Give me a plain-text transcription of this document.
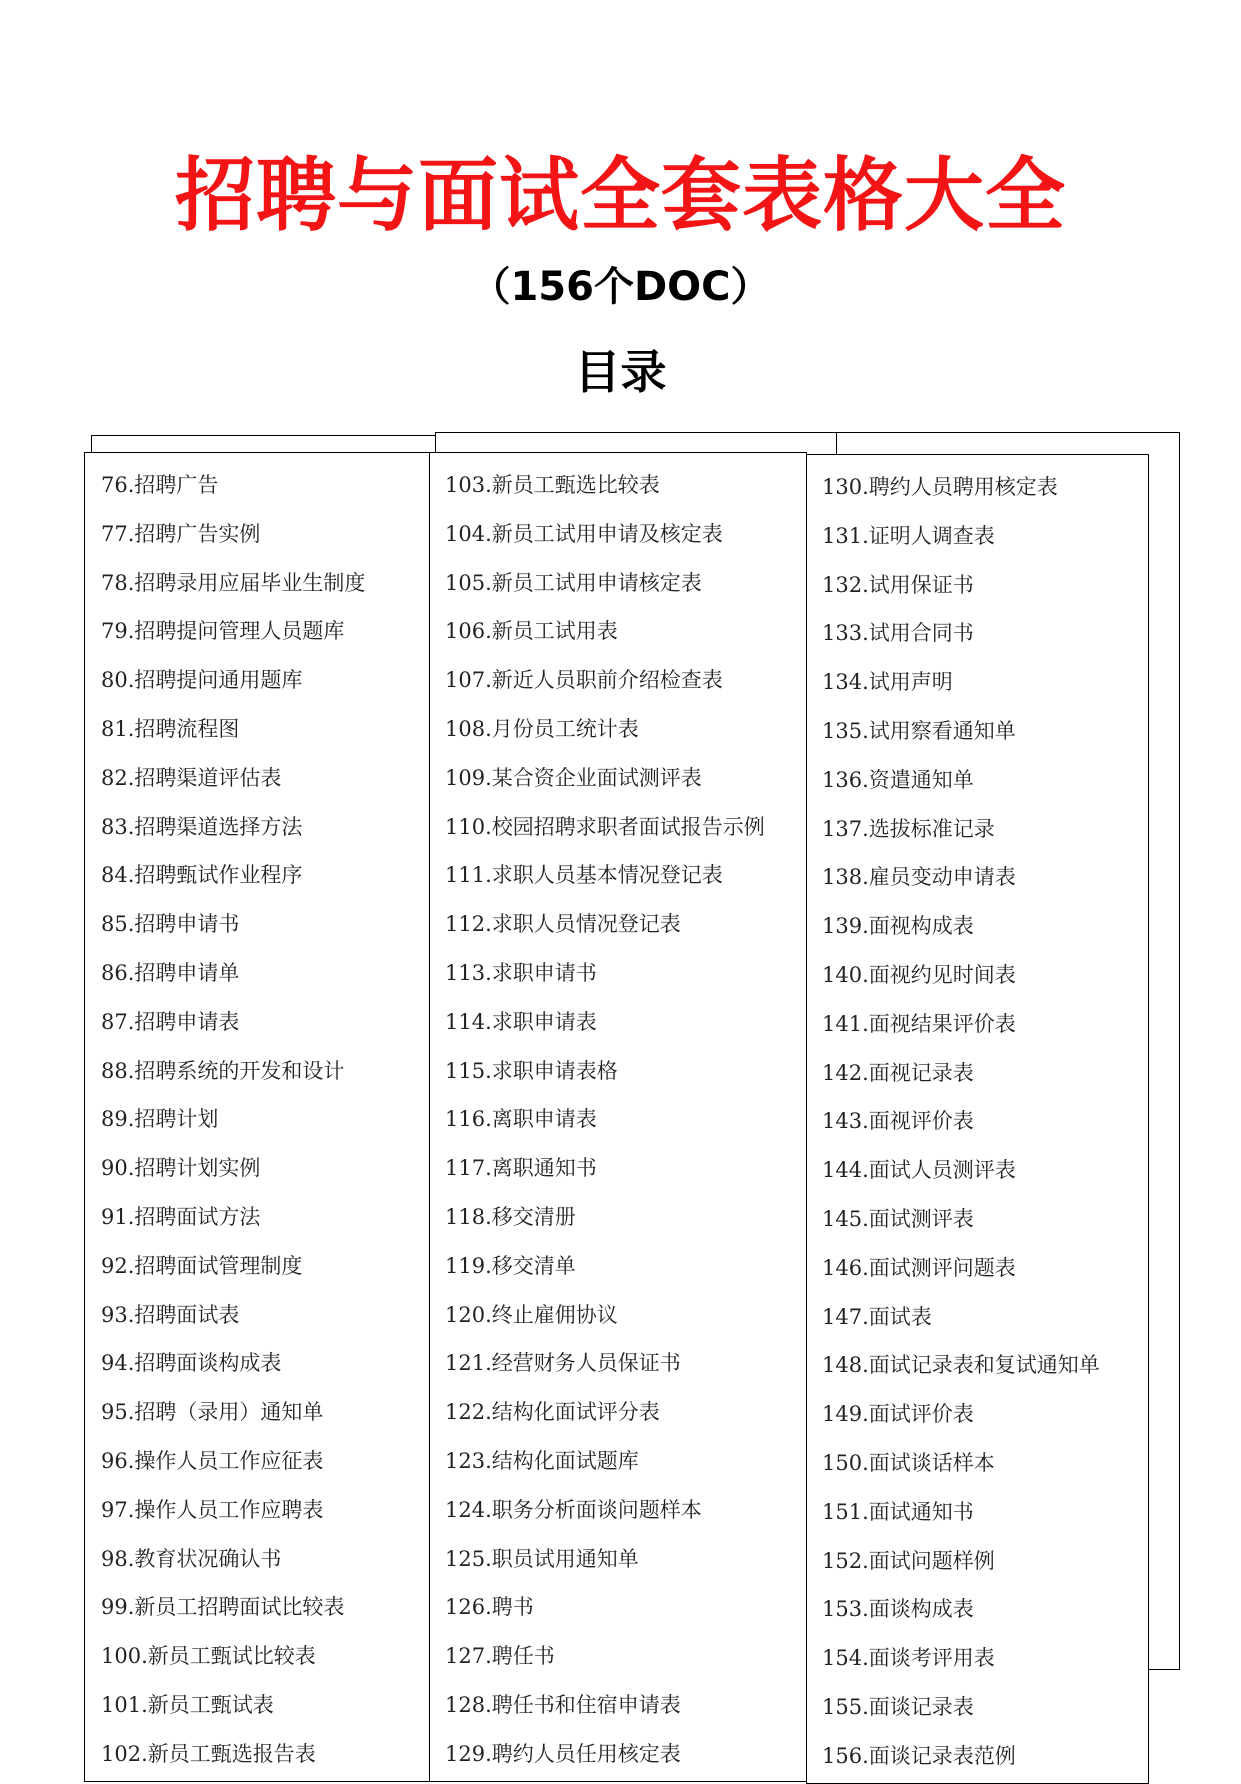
招聘与面试全套表格大全
（156个DOC）
目录
76.招聘广告
77.招聘广告实例
78.招聘录用应届毕业生制度
79.招聘提问管理人员题库
80.招聘提问通用题库
81.招聘流程图
82.招聘渠道评估表
83.招聘渠道选择方法
84.招聘甄试作业程序
85.招聘申请书
86.招聘申请单
87.招聘申请表
88.招聘系统的开发和设计
89.招聘计划
90.招聘计划实例
91.招聘面试方法
92.招聘面试管理制度
93.招聘面试表
94.招聘面谈构成表
95.招聘（录用）通知单
96.操作人员工作应征表
97.操作人员工作应聘表
98.教育状况确认书
99.新员工招聘面试比较表
100.新员工甄试比较表
101.新员工甄试表
102.新员工甄选报告表
103.新员工甄选比较表
104.新员工试用申请及核定表
105.新员工试用申请核定表
106.新员工试用表
107.新近人员职前介绍检查表
108.月份员工统计表
109.某合资企业面试测评表
110.校园招聘求职者面试报告示例
111.求职人员基本情况登记表
112.求职人员情况登记表
113.求职申请书
114.求职申请表
115.求职申请表格
116.离职申请表
117.离职通知书
118.移交清册
119.移交清单
120.终止雇佣协议
121.经营财务人员保证书
122.结构化面试评分表
123.结构化面试题库
124.职务分析面谈问题样本
125.职员试用通知单
126.聘书
127.聘任书
128.聘任书和住宿申请表
129.聘约人员任用核定表
130.聘约人员聘用核定表
131.证明人调查表
132.试用保证书
133.试用合同书
134.试用声明
135.试用察看通知单
136.资遣通知单
137.选拔标准记录
138.雇员变动申请表
139.面视构成表
140.面视约见时间表
141.面视结果评价表
142.面视记录表
143.面视评价表
144.面试人员测评表
145.面试测评表
146.面试测评问题表
147.面试表
148.面试记录表和复试通知单
149.面试评价表
150.面试谈话样本
151.面试通知书
152.面试问题样例
153.面谈构成表
154.面谈考评用表
155.面谈记录表
156.面谈记录表范例
